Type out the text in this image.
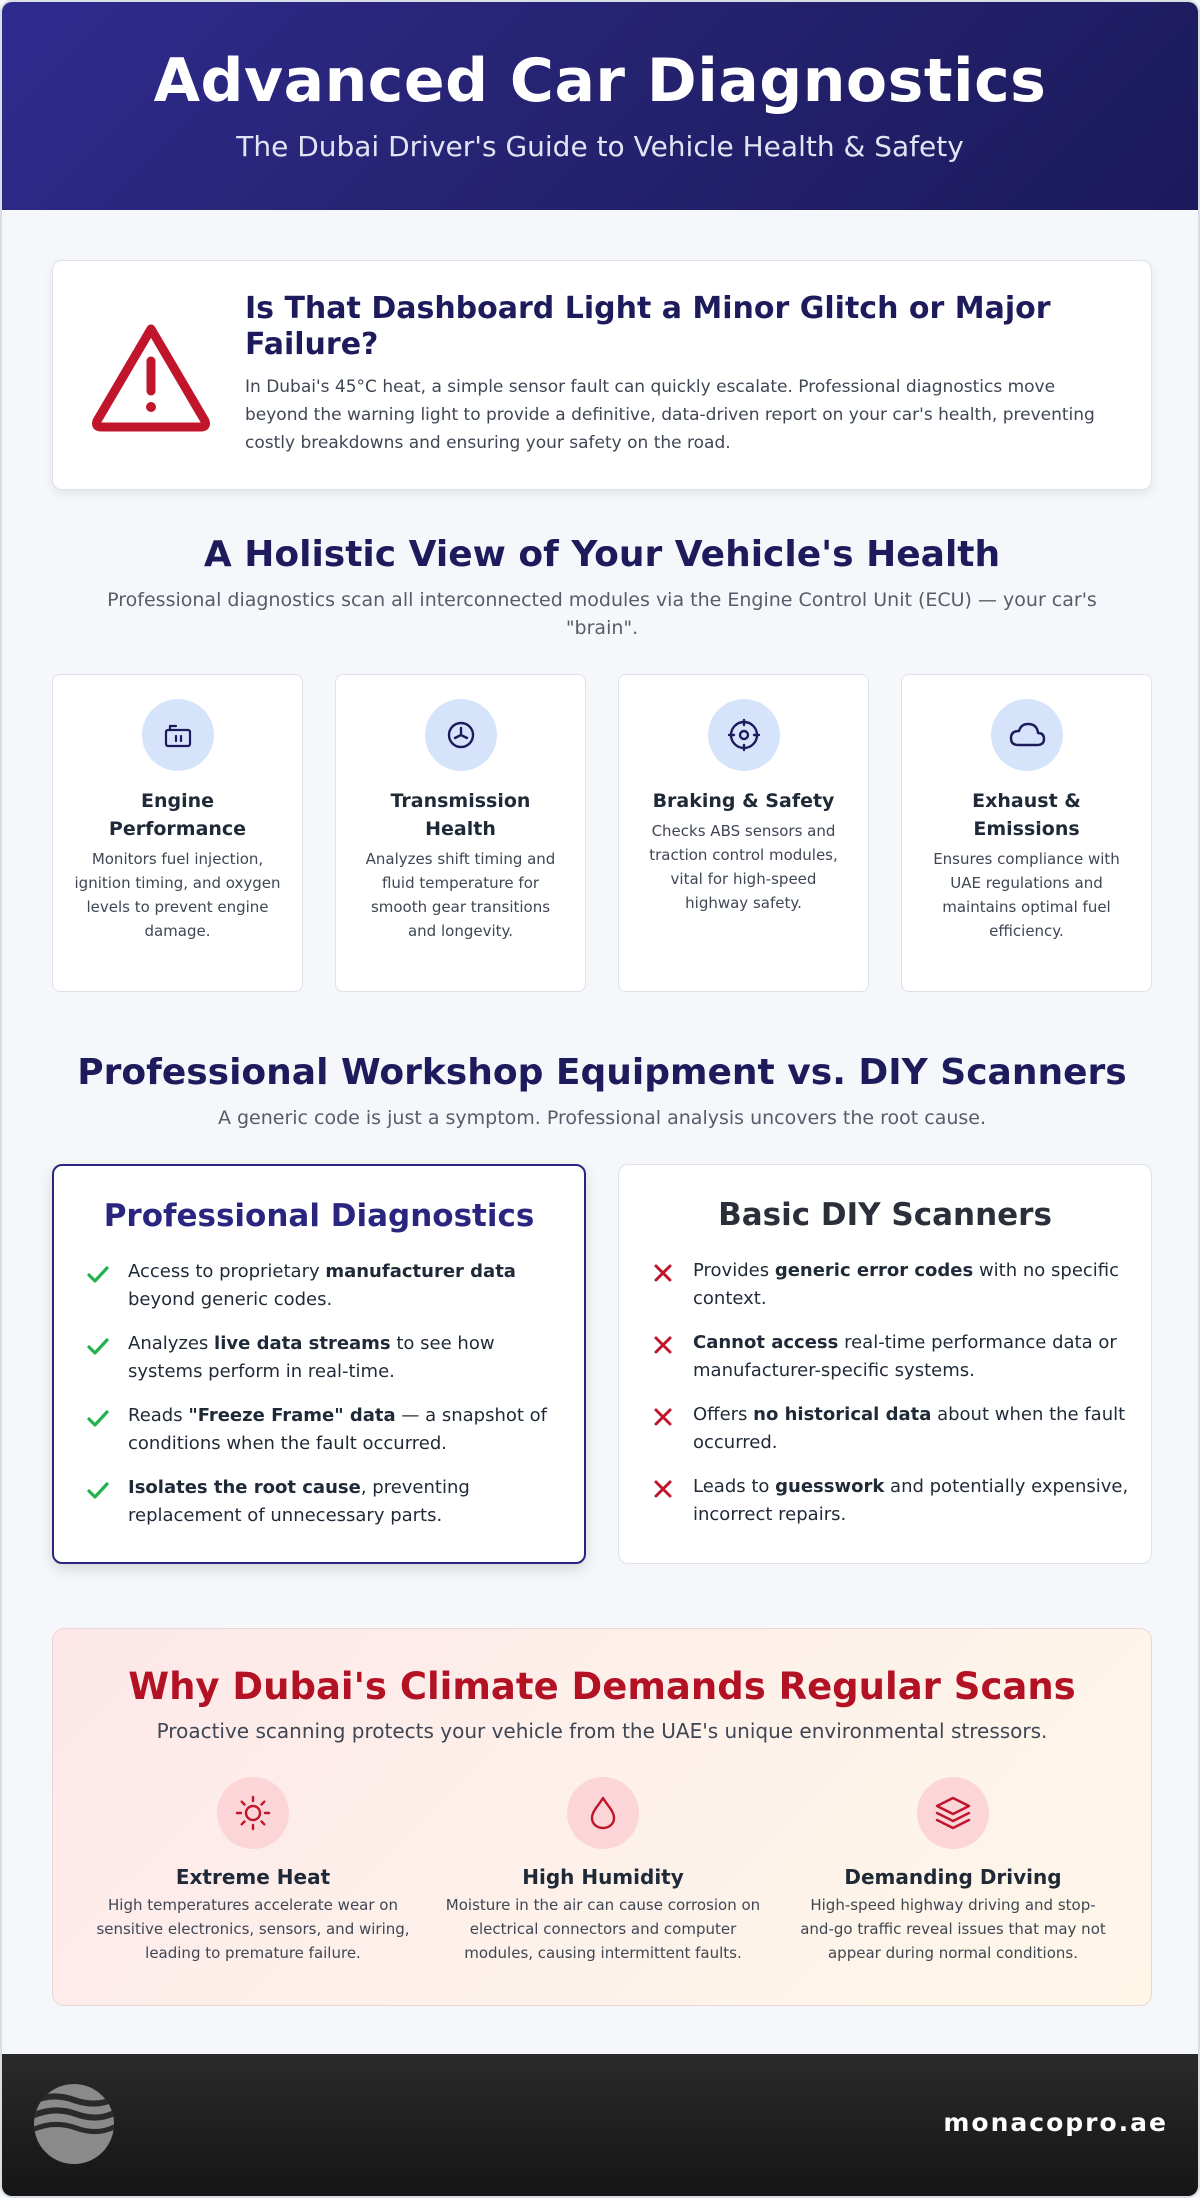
Advanced Car Diagnostics
The Dubai Driver's Guide to Vehicle Health & Safety
Is That Dashboard Light a Minor Glitch or Major Failure?

In Dubai's 45°C heat, a simple sensor fault can quickly escalate. Professional diagnostics move beyond the warning light to provide a definitive, data-driven report on your car's health, preventing costly breakdowns and ensuring your safety on the road.

A Holistic View of Your Vehicle's Health

Professional diagnostics scan all interconnected modules via the Engine Control Unit (ECU) — your car's "brain".

Engine Performance

Monitors fuel injection, ignition timing, and oxygen levels to prevent engine damage.

Transmission Health

Analyzes shift timing and fluid temperature for smooth gear transitions and longevity.

Braking & Safety

Checks ABS sensors and traction control modules, vital for high-speed highway safety.

Exhaust & Emissions

Ensures compliance with UAE regulations and maintains optimal fuel efficiency.

Professional Workshop Equipment vs. DIY Scanners

A generic code is just a symptom. Professional analysis uncovers the root cause.

Professional Diagnostics
Access to proprietary manufacturer data beyond generic codes.
Analyzes live data streams to see how systems perform in real-time.
Reads "Freeze Frame" data — a snapshot of conditions when the fault occurred.
Isolates the root cause, preventing replacement of unnecessary parts.
Basic DIY Scanners
Provides generic error codes with no specific context.
Cannot access real-time performance data or manufacturer-specific systems.
Offers no historical data about when the fault occurred.
Leads to guesswork and potentially expensive, incorrect repairs.
Why Dubai's Climate Demands Regular Scans

Proactive scanning protects your vehicle from the UAE's unique environmental stressors.

Extreme Heat

High temperatures accelerate wear on sensitive electronics, sensors, and wiring, leading to premature failure.

High Humidity

Moisture in the air can cause corrosion on electrical connectors and computer modules, causing intermittent faults.

Demanding Driving

High-speed highway driving and stop-and-go traffic reveal issues that may not appear during normal conditions.

monacopro.ae
